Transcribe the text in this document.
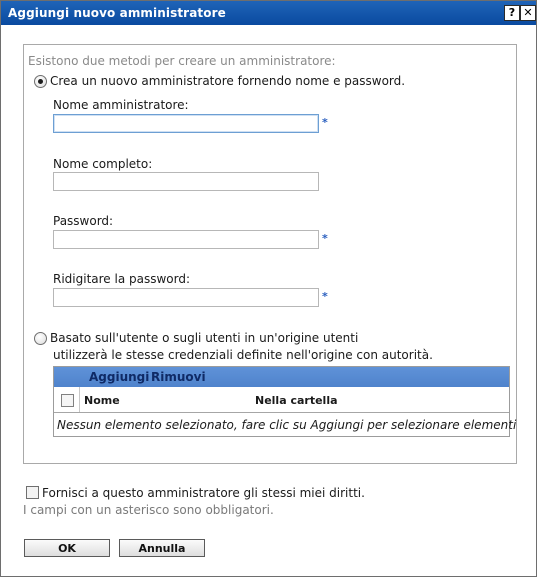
Aggiungi nuovo amministratore	? ✕
Esistono due metodi per creare un amministratore:
Crea un nuovo amministratore fornendo nome e password.
Nome amministratore:
*
Nome completo:
Password:
*
Ridigitare la password:
*
Basato sull'utente o sugli utenti in un'origine utenti
utilizzerà le stesse credenziali definite nell'origine con autorità.
Aggiungi Rimuovi
Nome	Nella cartella
Nessun elemento selezionato, fare clic su Aggiungi per selezionare elementi
Fornisci a questo amministratore gli stessi miei diritti.
I campi con un asterisco sono obbligatori.
OK	Annulla
